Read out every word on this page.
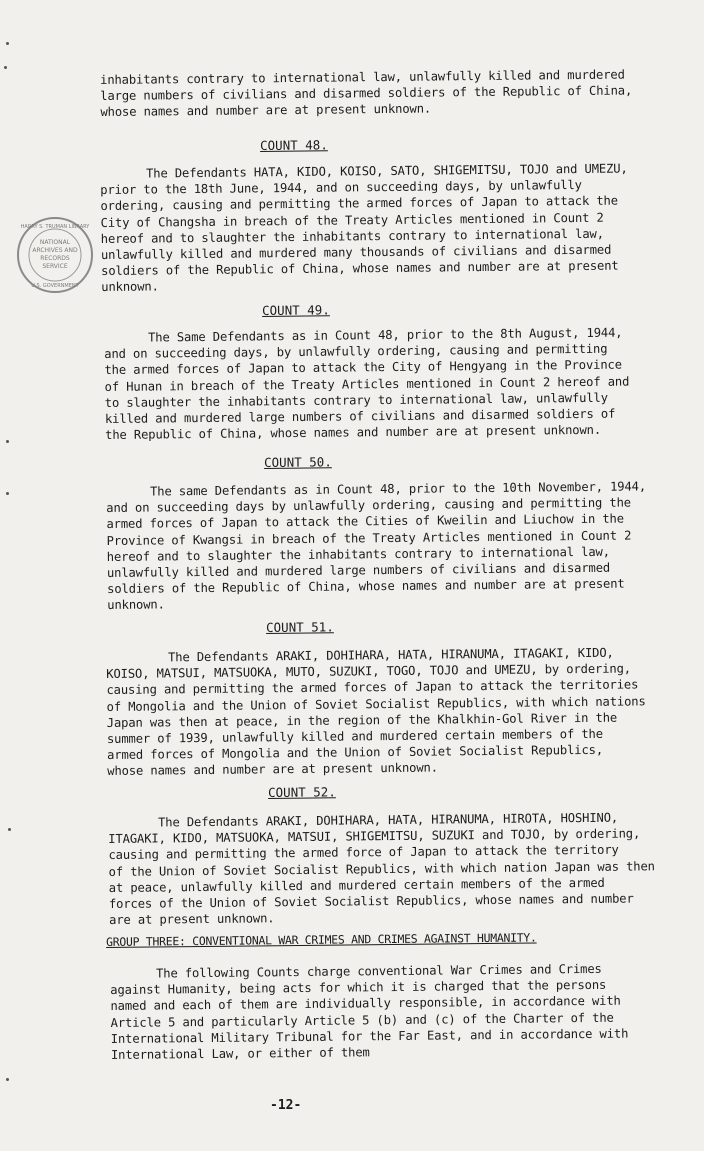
HARRY S. TRUMAN LIBRARY
NATIONAL
ARCHIVES AND
RECORDS
SERVICE
U.S. GOVERNMENT

inhabitants contrary to international law, unlawfully killed and murdered
large numbers of civilians and disarmed soldiers of the Republic of China,
whose names and number are at present unknown.

COUNT 48.

The Defendants HATA, KIDO, KOISO, SATO, SHIGEMITSU, TOJO and UMEZU,
prior to the 18th June, 1944, and on succeeding days, by unlawfully
ordering, causing and permitting the armed forces of Japan to attack the
City of Changsha in breach of the Treaty Articles mentioned in Count 2
hereof and to slaughter the inhabitants contrary to international law,
unlawfully killed and murdered many thousands of civilians and disarmed
soldiers of the Republic of China, whose names and number are at present
unknown.

COUNT 49.

The Same Defendants as in Count 48, prior to the 8th August, 1944,
and on succeeding days, by unlawfully ordering, causing and permitting
the armed forces of Japan to attack the City of Hengyang in the Province
of Hunan in breach of the Treaty Articles mentioned in Count 2 hereof and
to slaughter the inhabitants contrary to international law, unlawfully
killed and murdered large numbers of civilians and disarmed soldiers of
the Republic of China, whose names and number are at present unknown.

COUNT 50.

The same Defendants as in Count 48, prior to the 10th November, 1944,
and on succeeding days by unlawfully ordering, causing and permitting the
armed forces of Japan to attack the Cities of Kweilin and Liuchow in the
Province of Kwangsi in breach of the Treaty Articles mentioned in Count 2
hereof and to slaughter the inhabitants contrary to international law,
unlawfully killed and murdered large numbers of civilians and disarmed
soldiers of the Republic of China, whose names and number are at present
unknown.

COUNT 51.

The Defendants ARAKI, DOHIHARA, HATA, HIRANUMA, ITAGAKI, KIDO,
KOISO, MATSUI, MATSUOKA, MUTO, SUZUKI, TOGO, TOJO and UMEZU, by ordering,
causing and permitting the armed forces of Japan to attack the territories
of Mongolia and the Union of Soviet Socialist Republics, with which nations
Japan was then at peace, in the region of the Khalkhin-Gol River in the
summer of 1939, unlawfully killed and murdered certain members of the
armed forces of Mongolia and the Union of Soviet Socialist Republics,
whose names and number are at present unknown.

COUNT 52.

The Defendants ARAKI, DOHIHARA, HATA, HIRANUMA, HIROTA, HOSHINO,
ITAGAKI, KIDO, MATSUOKA, MATSUI, SHIGEMITSU, SUZUKI and TOJO, by ordering,
causing and permitting the armed force of Japan to attack the territory
of the Union of Soviet Socialist Republics, with which nation Japan was then
at peace, unlawfully killed and murdered certain members of the armed
forces of the Union of Soviet Socialist Republics, whose names and number
are at present unknown.

GROUP THREE: CONVENTIONAL WAR CRIMES AND CRIMES AGAINST HUMANITY.

The following Counts charge conventional War Crimes and Crimes
against Humanity, being acts for which it is charged that the persons
named and each of them are individually responsible, in accordance with
Article 5 and particularly Article 5 (b) and (c) of the Charter of the
International Military Tribunal for the Far East, and in accordance with
International Law, or either of them

-12-
